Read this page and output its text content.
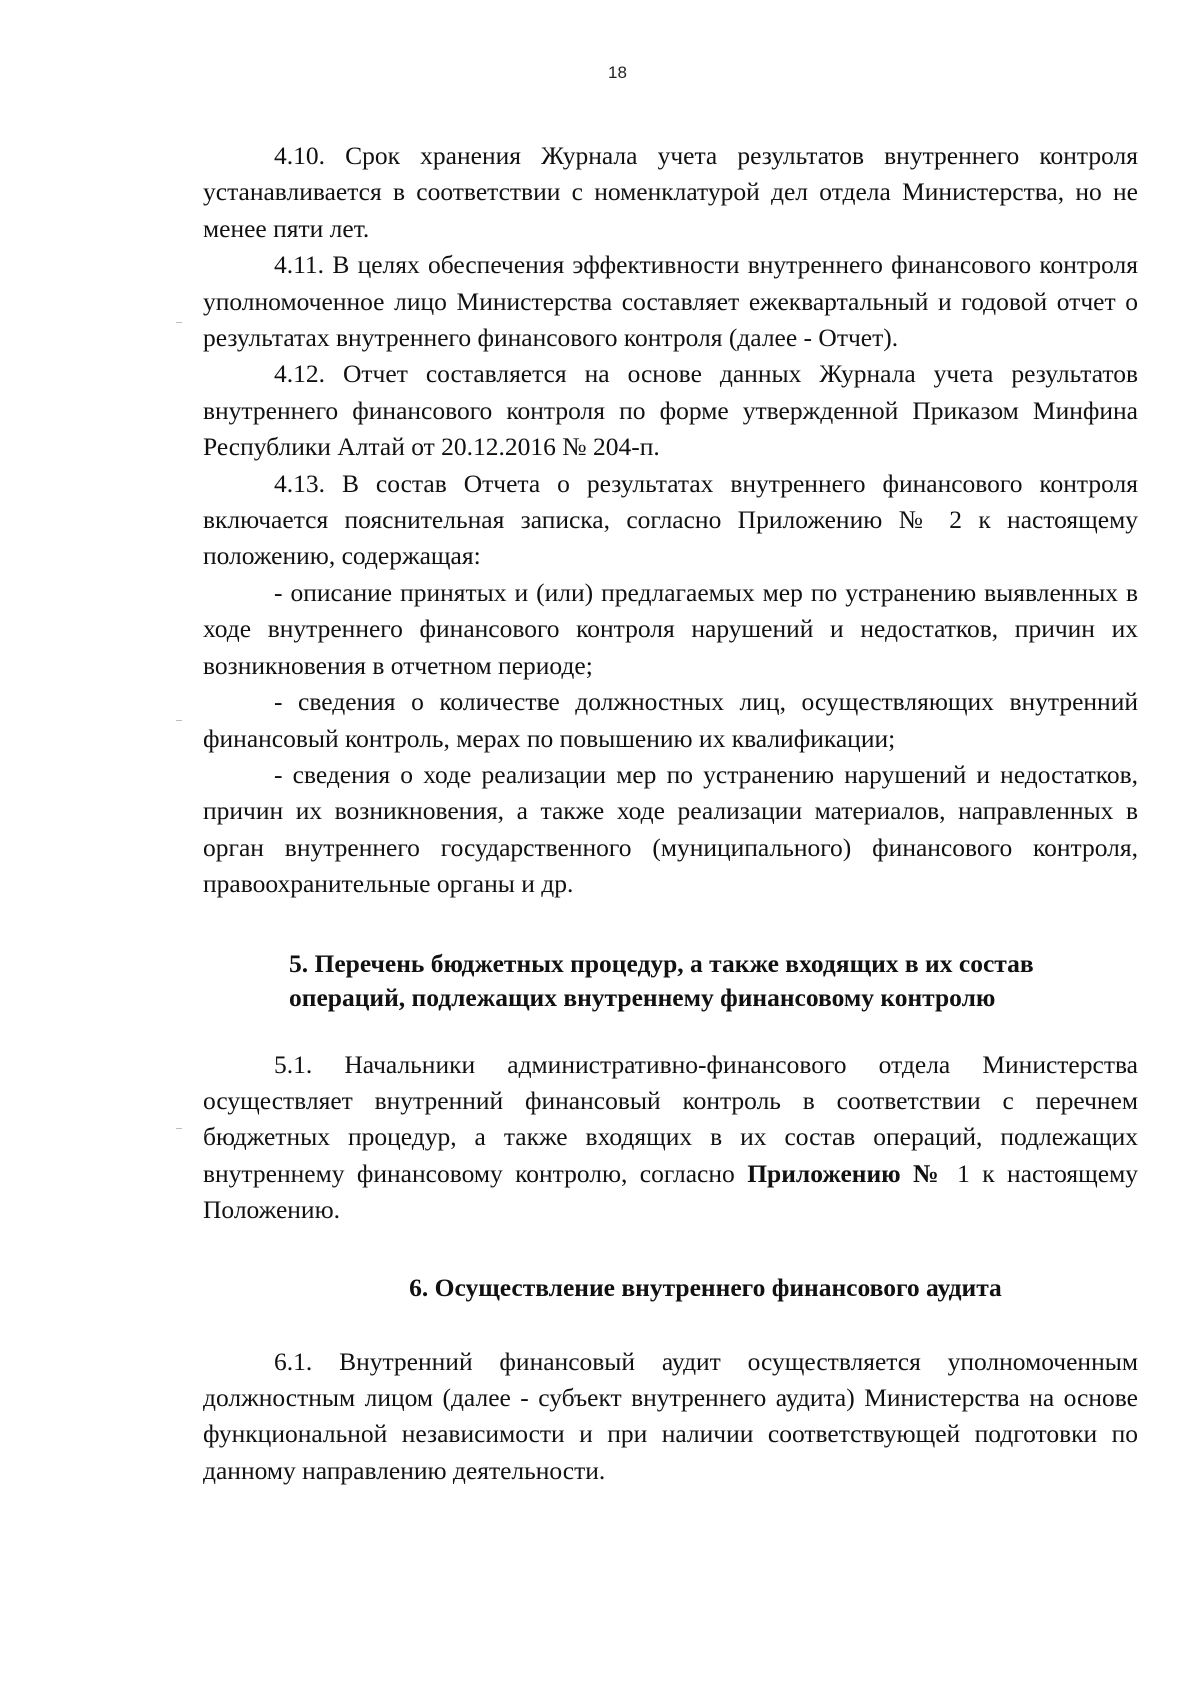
18

4.10. Срок хранения Журнала учета результатов внутреннего контроля устанавливается в соответствии с номенклатурой дел отдела Министерства, но не менее пяти лет.

4.11. В целях обеспечения эффективности внутреннего финансового контроля уполномоченное лицо Министерства составляет ежеквартальный и годовой отчет о результатах внутреннего финансового контроля (далее - Отчет).

4.12. Отчет составляется на основе данных Журнала учета результатов внутреннего финансового контроля по форме утвержденной Приказом Минфина Республики Алтай от 20.12.2016 № 204-п.

4.13. В состав Отчета о результатах внутреннего финансового контроля включается пояснительная записка, согласно Приложению № 2 к настоящему положению, содержащая:

- описание принятых и (или) предлагаемых мер по устранению выявленных в ходе внутреннего финансового контроля нарушений и недостатков, причин их возникновения в отчетном периоде;

- сведения о количестве должностных лиц, осуществляющих внутренний финансовый контроль, мерах по повышению их квалификации;

- сведения о ходе реализации мер по устранению нарушений и недостатков, причин их возникновения, а также ходе реализации материалов, направленных в орган внутреннего государственного (муниципального) финансового контроля, правоохранительные органы и др.

5. Перечень бюджетных процедур, а также входящих в их состав операций, подлежащих внутреннему финансовому контролю

5.1. Начальники административно-финансового отдела Министерства осуществляет внутренний финансовый контроль в соответствии с перечнем бюджетных процедур, а также входящих в их состав операций, подлежащих внутреннему финансовому контролю, согласно Приложению № 1 к настоящему Положению.

6. Осуществление внутреннего финансового аудита

6.1. Внутренний финансовый аудит осуществляется уполномоченным должностным лицом (далее - субъект внутреннего аудита) Министерства на основе функциональной независимости и при наличии соответствующей подготовки по данному направлению деятельности.
